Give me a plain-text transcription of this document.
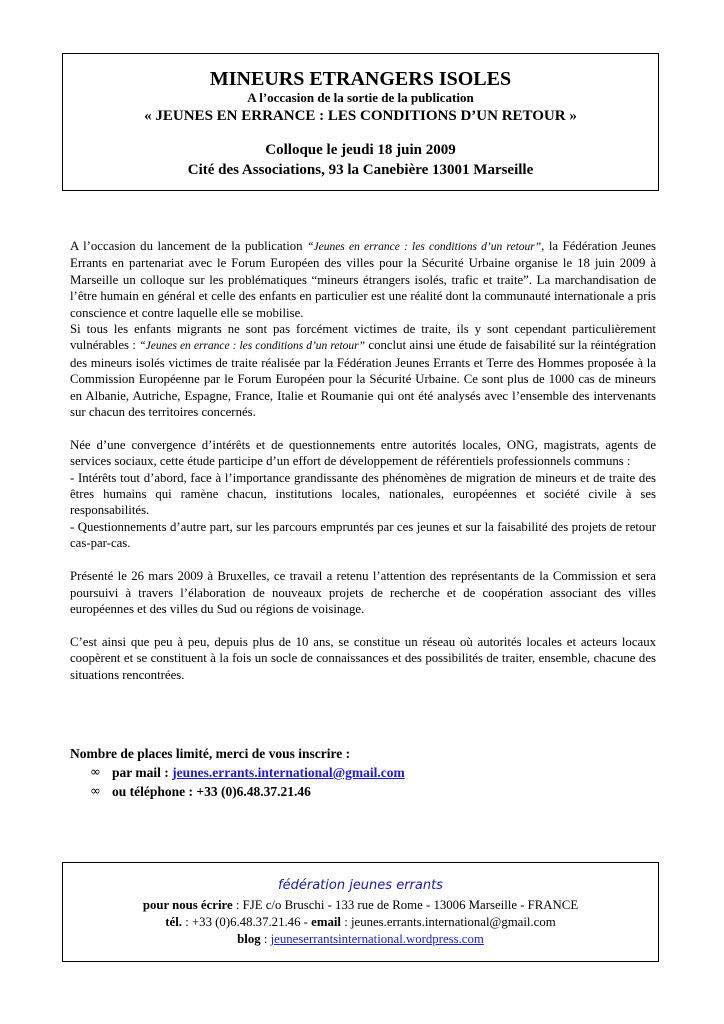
MINEURS ETRANGERS ISOLES
A l’occasion de la sortie de la publication
« JEUNES EN ERRANCE : LES CONDITIONS D’UN RETOUR »
Colloque le jeudi 18 juin 2009
Cité des Associations, 93 la Canebière 13001 Marseille

A l’occasion du lancement de la publication “Jeunes en errance : les conditions d’un retour”, la Fédération Jeunes Errants en partenariat avec le Forum Européen des villes pour la Sécurité Urbaine organise le 18 juin 2009 à Marseille un colloque sur les problématiques “mineurs étrangers isolés, trafic et traite”. La marchandisation de l’être humain en général et celle des enfants en particulier est une réalité dont la communauté internationale a pris conscience et contre laquelle elle se mobilise.

Si tous les enfants migrants ne sont pas forcément victimes de traite, ils y sont cependant particulièrement vulnérables : “Jeunes en errance : les conditions d’un retour” conclut ainsi une étude de faisabilité sur la réintégration des mineurs isolés victimes de traite réalisée par la Fédération Jeunes Errants et Terre des Hommes proposée à la Commission Européenne par le Forum Européen pour la Sécurité Urbaine. Ce sont plus de 1000 cas de mineurs en Albanie, Autriche, Espagne, France, Italie et Roumanie qui ont été analysés avec l’ensemble des intervenants sur chacun des territoires concernés.

Née d’une convergence d’intérêts et de questionnements entre autorités locales, ONG, magistrats, agents de services sociaux, cette étude participe d’un effort de développement de référentiels professionnels communs :

- Intérêts tout d’abord, face à l’importance grandissante des phénomènes de migration de mineurs et de traite des êtres humains qui ramène chacun, institutions locales, nationales, européennes et société civile à ses responsabilités.

- Questionnements d’autre part, sur les parcours empruntés par ces jeunes et sur la faisabilité des projets de retour cas-par-cas.

Présenté le 26 mars 2009 à Bruxelles, ce travail a retenu l’attention des représentants de la Commission et sera poursuivi à travers l’élaboration de nouveaux projets de recherche et de coopération associant des villes européennes et des villes du Sud ou régions de voisinage.

C’est ainsi que peu à peu, depuis plus de 10 ans, se constitue un réseau où autorités locales et acteurs locaux coopèrent et se constituent à la fois un socle de connaissances et des possibilités de traiter, ensemble, chacune des situations rencontrées.

Nombre de places limité, merci de vous inscrire :
∞ par mail : jeunes.errants.international@gmail.com
∞ ou téléphone : +33 (0)6.48.37.21.46
fédération jeunes errants
pour nous écrire : FJE c/o Bruschi - 133 rue de Rome - 13006 Marseille - FRANCE
tél. : +33 (0)6.48.37.21.46 - email : jeunes.errants.international@gmail.com
blog : jeuneserrantsinternational.wordpress.com
